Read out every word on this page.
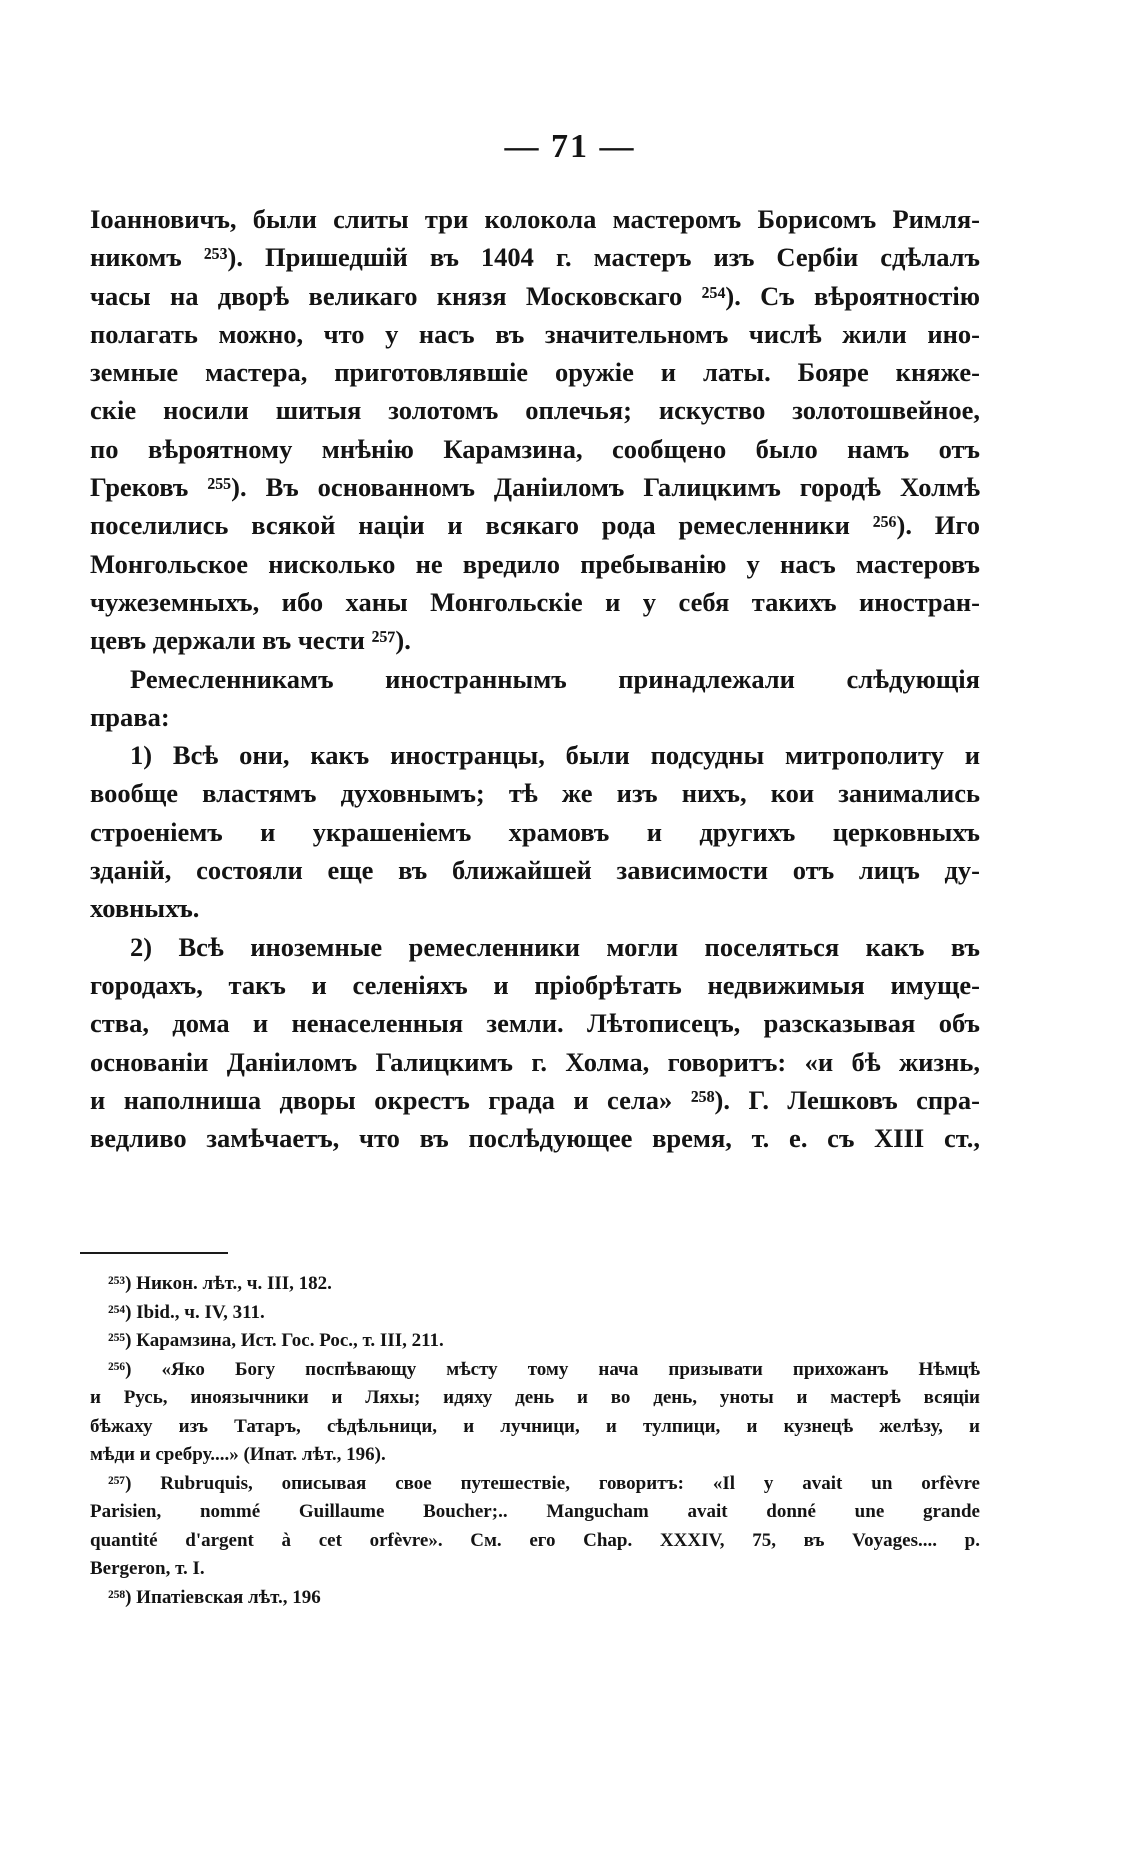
— 71 —
Іоанновичъ, были слиты три колокола мастеромъ Борисомъ Римля-
никомъ ²⁵³). Пришедшій въ 1404 г. мастеръ изъ Сербіи сдѣлалъ
часы на дворѣ великаго князя Московскаго ²⁵⁴). Съ вѣроятностію
полагать можно, что у насъ въ значительномъ числѣ жили ино-
земные мастера, приготовлявшіе оружіе и латы. Бояре княже-
скіе носили шитыя золотомъ оплечья; искуство золотошвейное,
по вѣроятному мнѣнію Карамзина, сообщено было намъ отъ
Грековъ ²⁵⁵). Въ основанномъ Даніиломъ Галицкимъ городѣ Холмѣ
поселились всякой націи и всякаго рода ремесленники ²⁵⁶). Иго
Монгольское нисколько не вредило пребыванію у насъ мастеровъ
чужеземныхъ, ибо ханы Монгольскіе и у себя такихъ иностран-
цевъ держали въ чести ²⁵⁷).
Ремесленникамъ иностраннымъ принадлежали слѣдующія
права:
1) Всѣ они, какъ иностранцы, были подсудны митрополиту и
вообще властямъ духовнымъ; тѣ же изъ нихъ, кои занимались
строеніемъ и украшеніемъ храмовъ и другихъ церковныхъ
зданій, состояли еще въ ближайшей зависимости отъ лицъ ду-
ховныхъ.
2) Всѣ иноземные ремесленники могли поселяться какъ въ
городахъ, такъ и селеніяхъ и пріобрѣтать недвижимыя имуще-
ства, дома и ненаселенныя земли. Лѣтописецъ, разсказывая объ
основаніи Даніиломъ Галицкимъ г. Холма, говоритъ: «и бѣ жизнь,
и наполниша дворы окрестъ града и села» ²⁵⁸). Г. Лешковъ спра-
ведливо замѣчаетъ, что въ послѣдующее время, т. е. съ XIII ст.,
²⁵³) Никон. лѣт., ч. III, 182.
²⁵⁴) Ibid., ч. IV, 311.
²⁵⁵) Карамзина, Ист. Гос. Рос., т. III, 211.
²⁵⁶) «Яко Богу поспѣвающу мѣсту тому нача призывати прихожанъ Нѣмцѣ
и Русь, иноязычники и Ляхы; идяху день и во день, уноты и мастерѣ всяціи
бѣжаху изъ Татаръ, сѣдѣльници, и лучници, и тулпици, и кузнецѣ желѣзу, и
мѣди и сребру....» (Ипат. лѣт., 196).
²⁵⁷) Rubruquis, описывая свое путешествіе, говоритъ: «Il y avait un orfèvre
Parisien, nommé Guillaume Boucher;.. Mangucham avait donné une grande
quantité d'argent à cet orfèvre». См. его Chap. XXXIV, 75, въ Voyages.... p.
Bergeron, т. I.
²⁵⁸) Ипатіевская лѣт., 196
